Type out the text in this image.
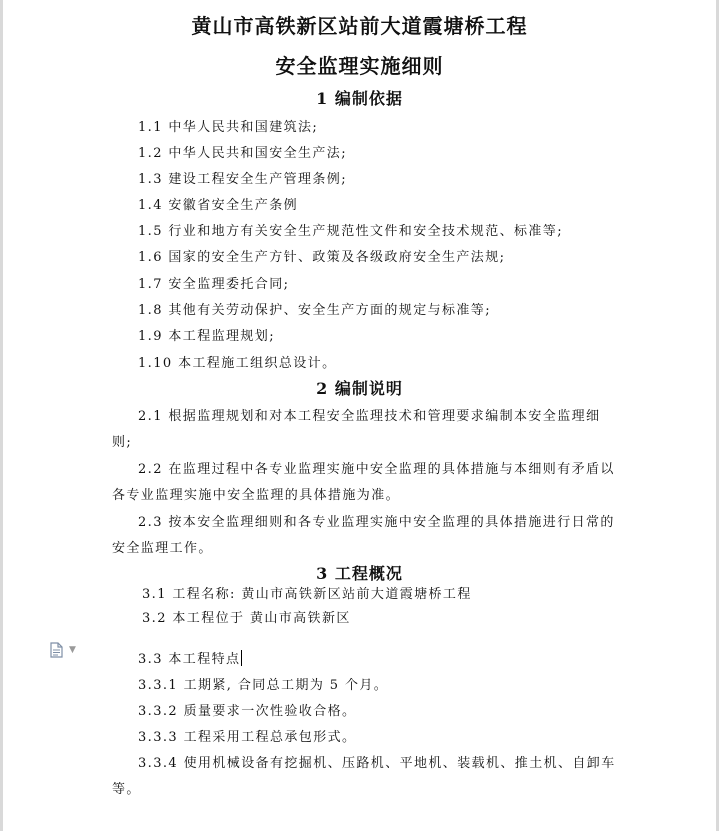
黄山市高铁新区站前大道霞塘桥工程
安全监理实施细则
1 编制依据
1.1 中华人民共和国建筑法;
1.2 中华人民共和国安全生产法;
1.3 建设工程安全生产管理条例;
1.4 安徽省安全生产条例
1.5 行业和地方有关安全生产规范性文件和安全技术规范、标准等;
1.6 国家的安全生产方针、政策及各级政府安全生产法规;
1.7 安全监理委托合同;
1.8 其他有关劳动保护、安全生产方面的规定与标准等;
1.9 本工程监理规划;
1.10 本工程施工组织总设计。
2 编制说明
2.1 根据监理规划和对本工程安全监理技术和管理要求编制本安全监理细
则;
2.2 在监理过程中各专业监理实施中安全监理的具体措施与本细则有矛盾以
各专业监理实施中安全监理的具体措施为准。
2.3 按本安全监理细则和各专业监理实施中安全监理的具体措施进行日常的
安全监理工作。
3 工程概况
3.1 工程名称: 黄山市高铁新区站前大道霞塘桥工程
3.2 本工程位于 黄山市高铁新区
▼
3.3 本工程特点
3.3.1 工期紧, 合同总工期为 5 个月。
3.3.2 质量要求一次性验收合格。
3.3.3 工程采用工程总承包形式。
3.3.4 使用机械设备有挖掘机、压路机、平地机、装载机、推土机、自卸车
等。
